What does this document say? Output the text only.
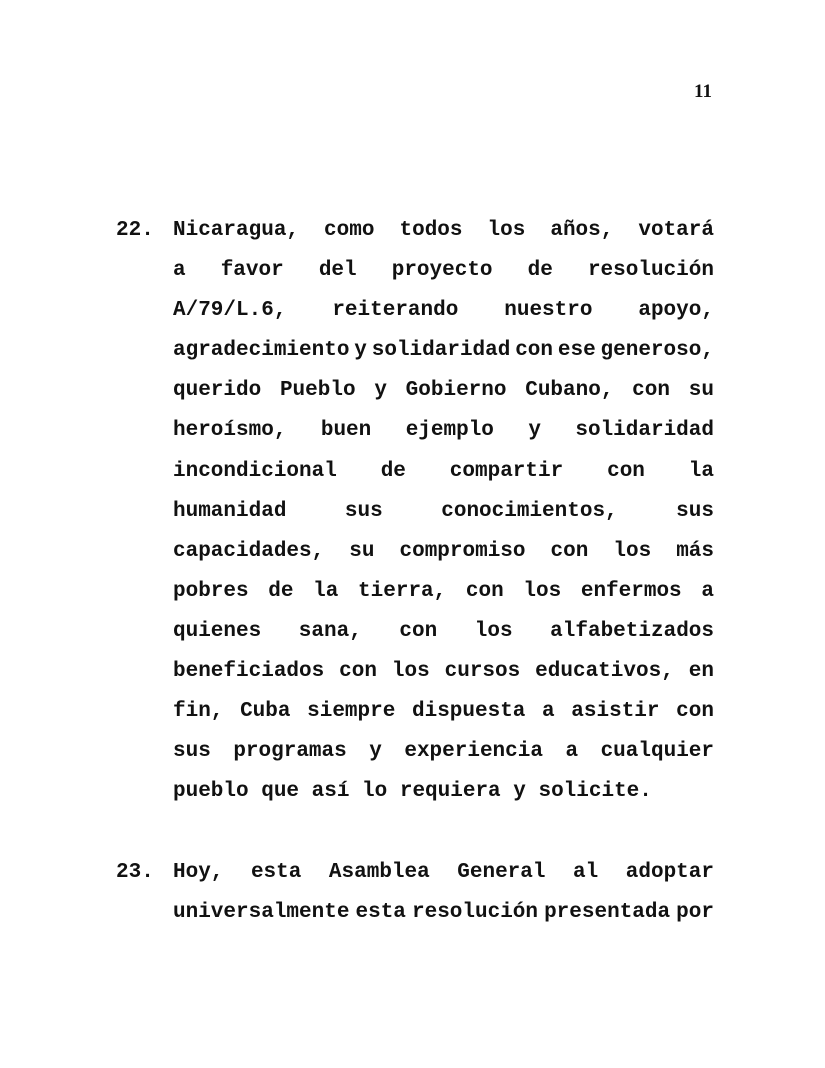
11
22. Nicaragua, como todos los años, votará
a favor del proyecto de resolución
A/79/L.6, reiterando nuestro apoyo,
agradecimiento y solidaridad con ese generoso,
querido Pueblo y Gobierno Cubano, con su
heroísmo, buen ejemplo y solidaridad
incondicional de compartir con la
humanidad	sus	conocimientos,	sus
capacidades, su compromiso con los más
pobres de la tierra, con los enfermos a
quienes sana, con los alfabetizados
beneficiados con los cursos educativos, en
fin, Cuba siempre dispuesta a asistir con
sus programas y experiencia a cualquier
pueblo que así lo requiera y solicite.
23. Hoy, esta Asamblea General al adoptar
universalmente esta resolución presentada por
